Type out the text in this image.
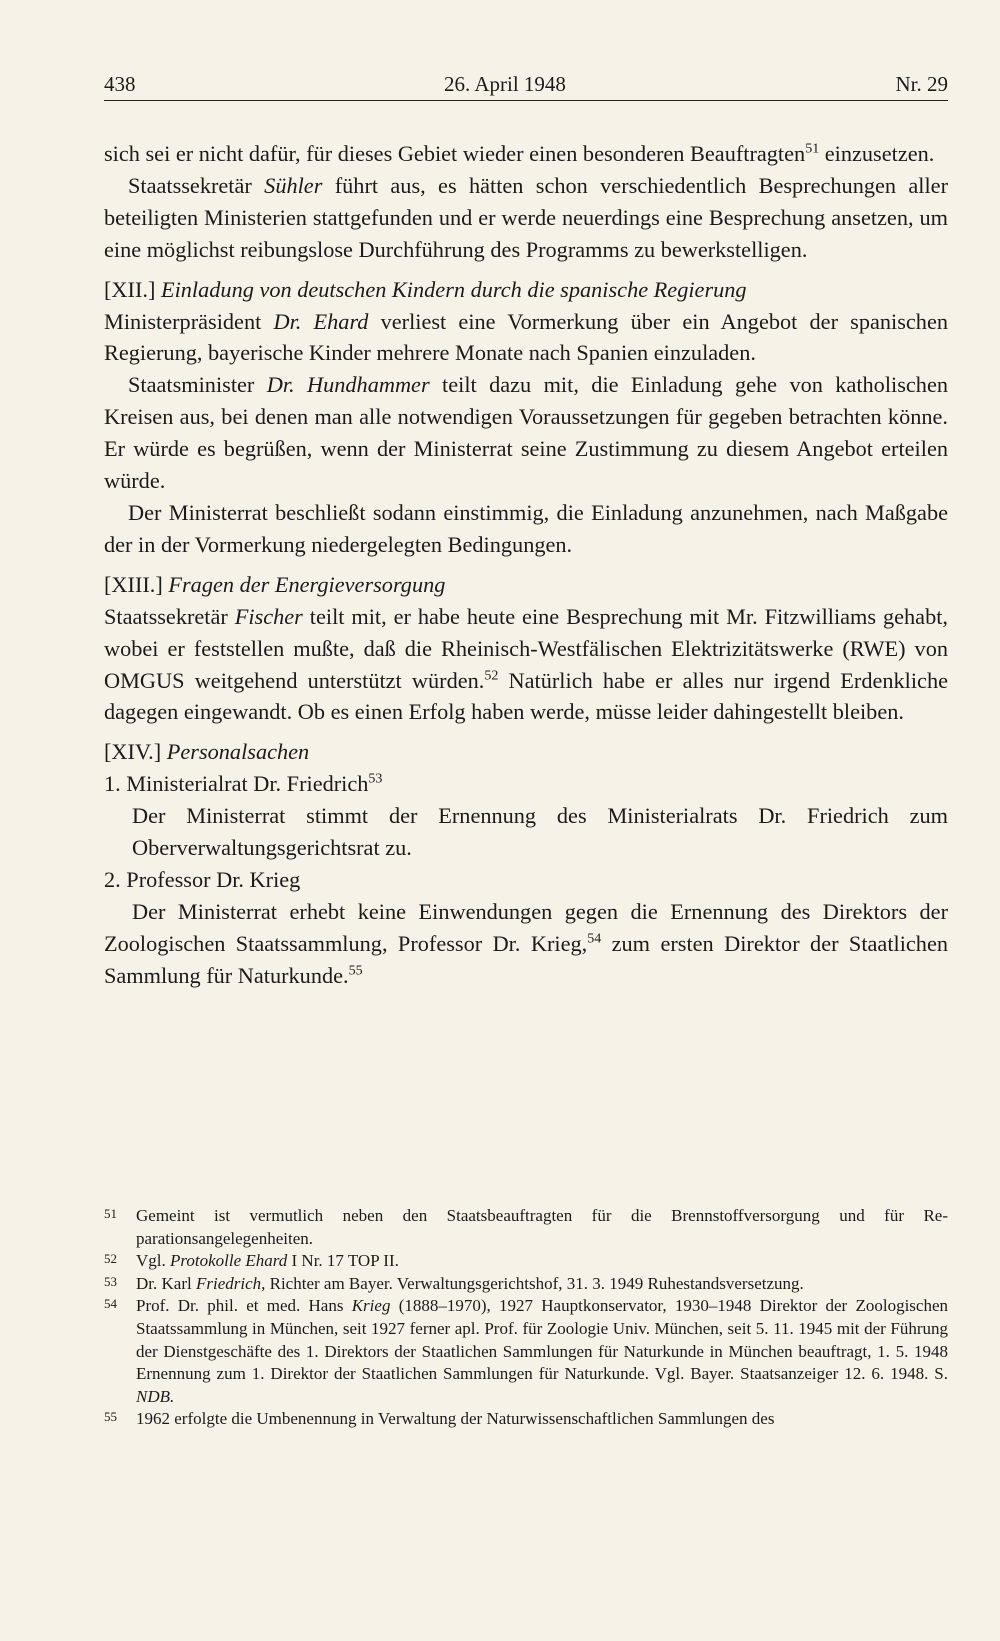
438	26. April 1948	Nr. 29

sich sei er nicht dafür, für dieses Gebiet wieder einen besonderen Beauftragten$^{51}$ einzusetzen.

Staatssekretär Sühler führt aus, es hätten schon verschiedentlich Besprechungen aller beteiligten Ministerien stattgefunden und er werde neuerdings eine Besprechung ansetzen, um eine möglichst reibungslose Durchführung des Programms zu bewerkstelligen.

[XII.] Einladung von deutschen Kindern durch die spanische Regierung

Ministerpräsident Dr. Ehard verliest eine Vormerkung über ein Angebot der spanischen Regierung, bayerische Kinder mehrere Monate nach Spanien einzuladen.

Staatsminister Dr. Hundhammer teilt dazu mit, die Einladung gehe von katholischen Kreisen aus, bei denen man alle notwendigen Voraussetzungen für gegeben betrachten könne. Er würde es begrüßen, wenn der Ministerrat seine Zustimmung zu diesem Angebot erteilen würde.

Der Ministerrat beschließt sodann einstimmig, die Einladung anzunehmen, nach Maßgabe der in der Vormerkung niedergelegten Bedingungen.

[XIII.] Fragen der Energieversorgung

Staatssekretär Fischer teilt mit, er habe heute eine Besprechung mit Mr. Fitzwilliams gehabt, wobei er feststellen mußte, daß die Rheinisch-Westfälischen Elektrizitätswerke (RWE) von OMGUS weitgehend unterstützt würden.$^{52}$ Natürlich habe er alles nur irgend Erdenkliche dagegen eingewandt. Ob es einen Erfolg haben werde, müsse leider dahingestellt bleiben.

[XIV.] Personalsachen

1. Ministerialrat Dr. Friedrich$^{53}$

Der Ministerrat stimmt der Ernennung des Ministerialrats Dr. Friedrich zum Oberverwaltungsgerichtsrat zu.

2. Professor Dr. Krieg

Der Ministerrat erhebt keine Einwendungen gegen die Ernennung des Direktors der Zoologischen Staatssammlung, Professor Dr. Krieg,$^{54}$ zum ersten Direktor der Staatlichen Sammlung für Naturkunde.$^{55}$

51 Gemeint ist vermutlich neben den Staatsbeauftragten für die Brennstoffversorgung und für Reparationsangelegenheiten.

52 Vgl. Protokolle Ehard I Nr. 17 TOP II.

53 Dr. Karl Friedrich, Richter am Bayer. Verwaltungsgerichtshof, 31. 3. 1949 Ruhestandsversetzung.

54 Prof. Dr. phil. et med. Hans Krieg (1888–1970), 1927 Hauptkonservator, 1930–1948 Direktor der Zoologischen Staatssammlung in München, seit 1927 ferner apl. Prof. für Zoologie Univ. München, seit 5. 11. 1945 mit der Führung der Dienstgeschäfte des 1. Direktors der Staatlichen Sammlungen für Naturkunde in München beauftragt, 1. 5. 1948 Ernennung zum 1. Direktor der Staatlichen Sammlungen für Naturkunde. Vgl. Bayer. Staatsanzeiger 12. 6. 1948. S. NDB.

55 1962 erfolgte die Umbenennung in Verwaltung der Naturwissenschaftlichen Sammlungen des
